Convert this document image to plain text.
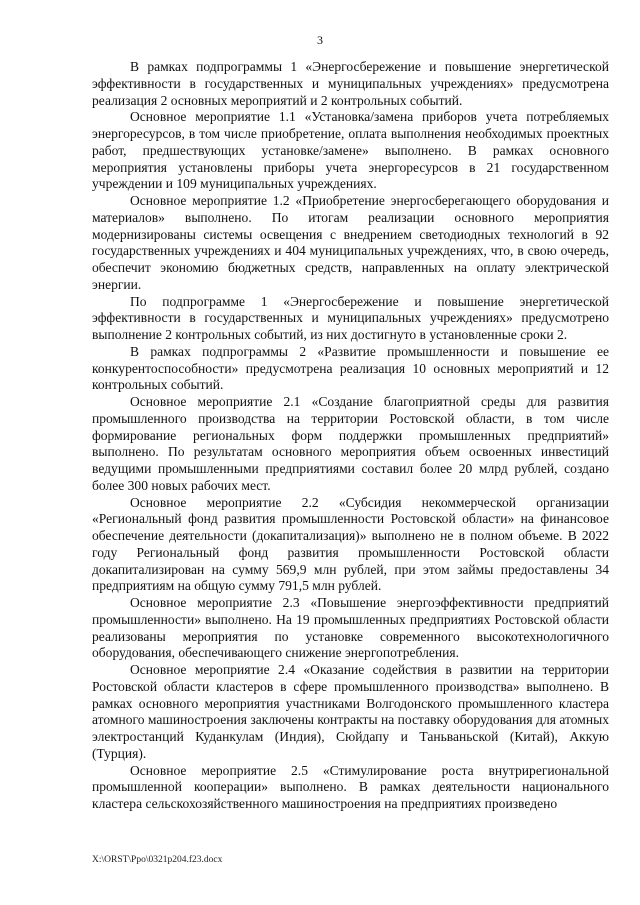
3

В рамках подпрограммы 1 «Энергосбережение и повышение энергетической эффективности в государственных и муниципальных учреждениях» предусмотрена реализация 2 основных мероприятий и 2 контрольных событий.

Основное мероприятие 1.1 «Установка/замена приборов учета потребляемых энергоресурсов, в том числе приобретение, оплата выполнения необходимых проектных работ, предшествующих установке/замене» выполнено. В рамках основного мероприятия установлены приборы учета энергоресурсов в 21 государственном учреждении и 109 муниципальных учреждениях.

Основное мероприятие 1.2 «Приобретение энергосберегающего оборудования и материалов» выполнено. По итогам реализации основного мероприятия модернизированы системы освещения с внедрением светодиодных технологий в 92 государственных учреждениях и 404 муниципальных учреждениях, что, в свою очередь, обеспечит экономию бюджетных средств, направленных на оплату электрической энергии.

По подпрограмме 1 «Энергосбережение и повышение энергетической эффективности в государственных и муниципальных учреждениях» предусмотрено выполнение 2 контрольных событий, из них достигнуто в установленные сроки 2.

В рамках подпрограммы 2 «Развитие промышленности и повышение ее конкурентоспособности» предусмотрена реализация 10 основных мероприятий и 12 контрольных событий.

Основное мероприятие 2.1 «Создание благоприятной среды для развития промышленного производства на территории Ростовской области, в том числе формирование региональных форм поддержки промышленных предприятий» выполнено. По результатам основного мероприятия объем освоенных инвестиций ведущими промышленными предприятиями составил более 20 млрд рублей, создано более 300 новых рабочих мест.

Основное мероприятие 2.2 «Субсидия некоммерческой организации «Региональный фонд развития промышленности Ростовской области» на финансовое обеспечение деятельности (докапитализация)» выполнено не в полном объеме. В 2022 году Региональный фонд развития промышленности Ростовской области докапитализирован на сумму 569,9 млн рублей, при этом займы предоставлены 34 предприятиям на общую сумму 791,5 млн рублей.

Основное мероприятие 2.3 «Повышение энергоэффективности предприятий промышленности» выполнено. На 19 промышленных предприятиях Ростовской области реализованы мероприятия по установке современного высокотехнологичного оборудования, обеспечивающего снижение энергопотребления.

Основное мероприятие 2.4 «Оказание содействия в развитии на территории Ростовской области кластеров в сфере промышленного производства» выполнено. В рамках основного мероприятия участниками Волгодонского промышленного кластера атомного машиностроения заключены контракты на поставку оборудования для атомных электростанций Куданкулам (Индия), Сюйдапу и Таньваньской (Китай), Аккую (Турция).

Основное мероприятие 2.5 «Стимулирование роста внутрирегиональной промышленной кооперации» выполнено. В рамках деятельности национального кластера сельскохозяйственного машиностроения на предприятиях произведено

X:\ORST\Ppo\0321p204.f23.docx
